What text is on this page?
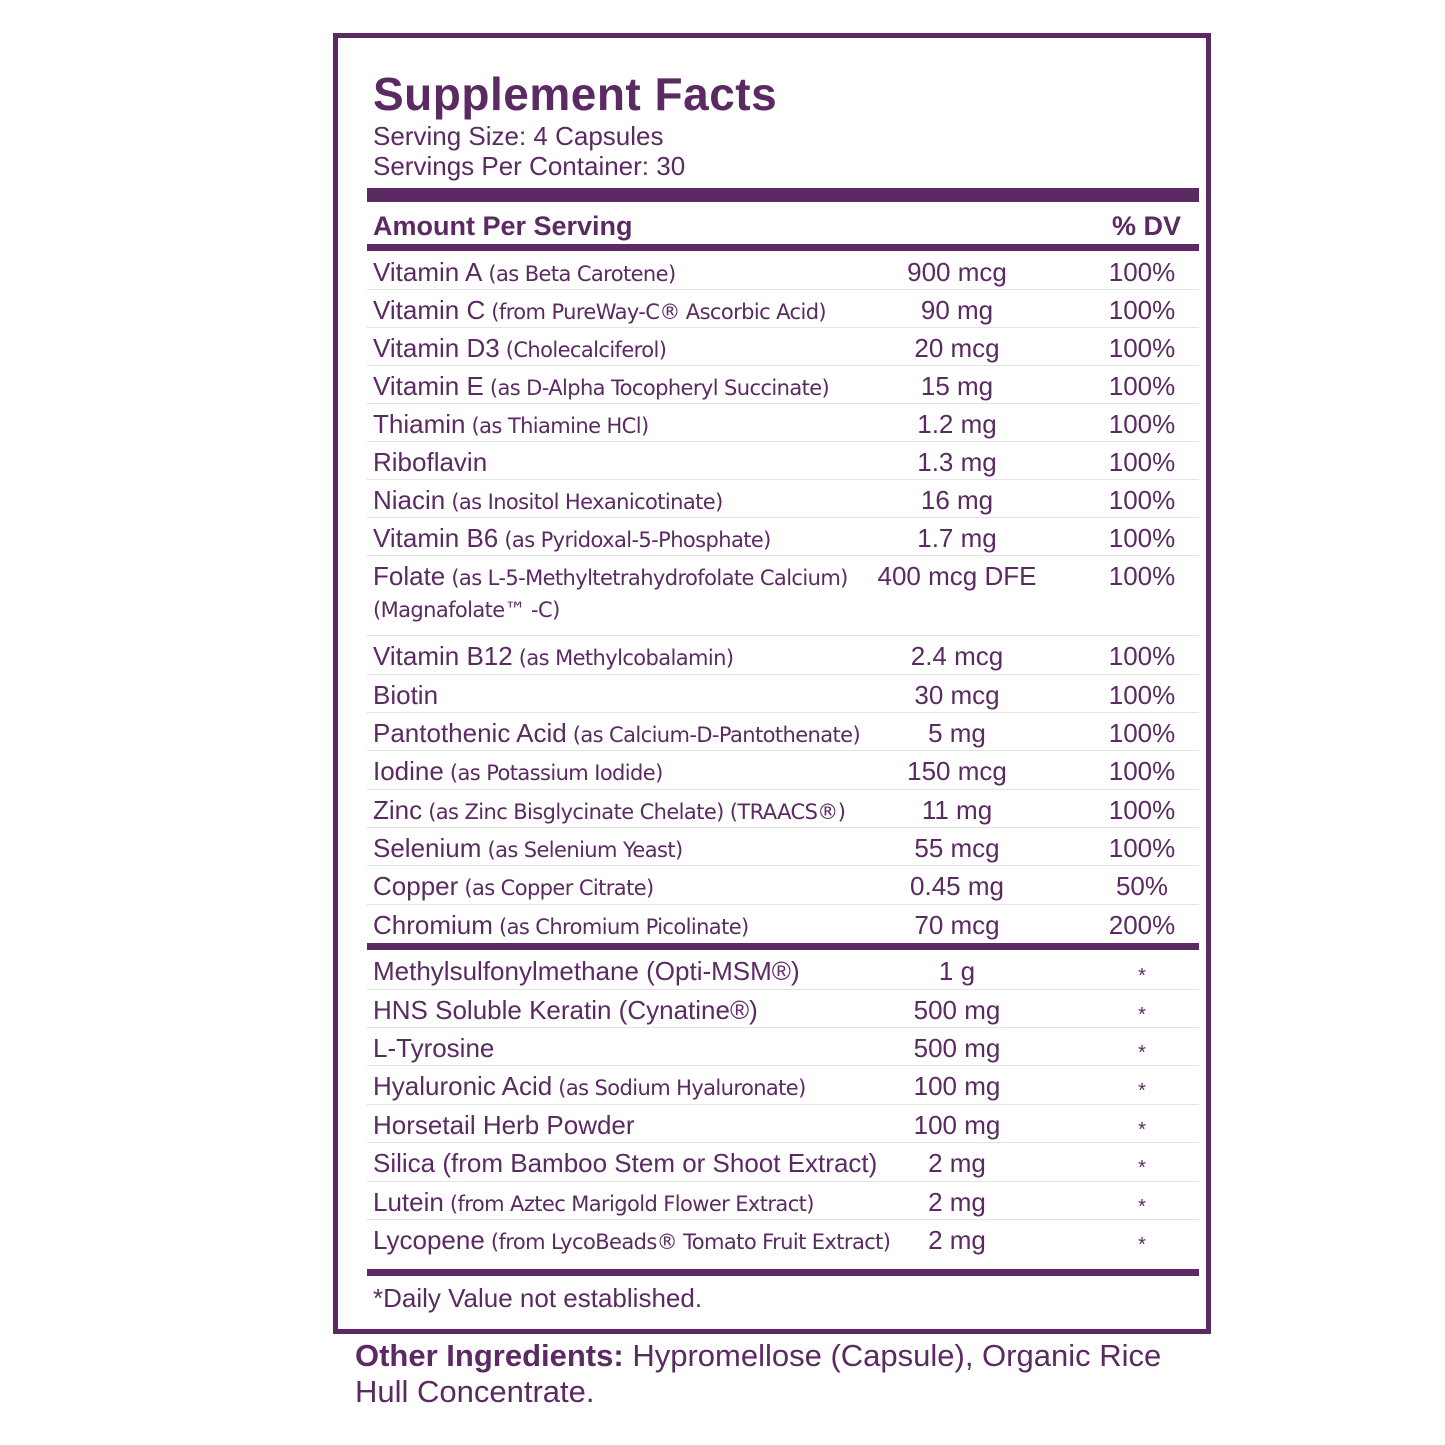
Supplement Facts
Serving Size: 4 Capsules
Servings Per Container: 30
Amount Per Serving	% DV
Vitamin A (as Beta Carotene)	900 mcg	100%
Vitamin C (from PureWay-C® Ascorbic Acid)	90 mg	100%
Vitamin D3 (Cholecalciferol)	20 mcg	100%
Vitamin E (as D-Alpha Tocopheryl Succinate)	15 mg	100%
Thiamin (as Thiamine HCl)	1.2 mg	100%
Riboflavin	1.3 mg	100%
Niacin (as Inositol Hexanicotinate)	16 mg	100%
Vitamin B6 (as Pyridoxal-5-Phosphate)	1.7 mg	100%
Folate (as L-5-Methyltetrahydrofolate Calcium)(Magnafolate™ -C)
400 mcg DFE	100%
Vitamin B12 (as Methylcobalamin)	2.4 mcg	100%
Biotin	30 mcg	100%
Pantothenic Acid (as Calcium-D-Pantothenate)	5 mg	100%
Iodine (as Potassium Iodide)	150 mcg	100%
Zinc (as Zinc Bisglycinate Chelate) (TRAACS®)	11 mg	100%
Selenium (as Selenium Yeast)	55 mcg	100%
Copper (as Copper Citrate)	0.45 mg	50%
Chromium (as Chromium Picolinate)	70 mcg	200%
Methylsulfonylmethane (Opti-MSM®)	1 g	*
HNS Soluble Keratin (Cynatine®)	500 mg	*
L-Tyrosine	500 mg	*
Hyaluronic Acid (as Sodium Hyaluronate)	100 mg	*
Horsetail Herb Powder	100 mg	*
Silica (from Bamboo Stem or Shoot Extract)	2 mg	*
Lutein (from Aztec Marigold Flower Extract)	2 mg	*
Lycopene (from LycoBeads® Tomato Fruit Extract)	2 mg	*
*Daily Value not established.
Other Ingredients: Hypromellose (Capsule), Organic Rice Hull Concentrate.
